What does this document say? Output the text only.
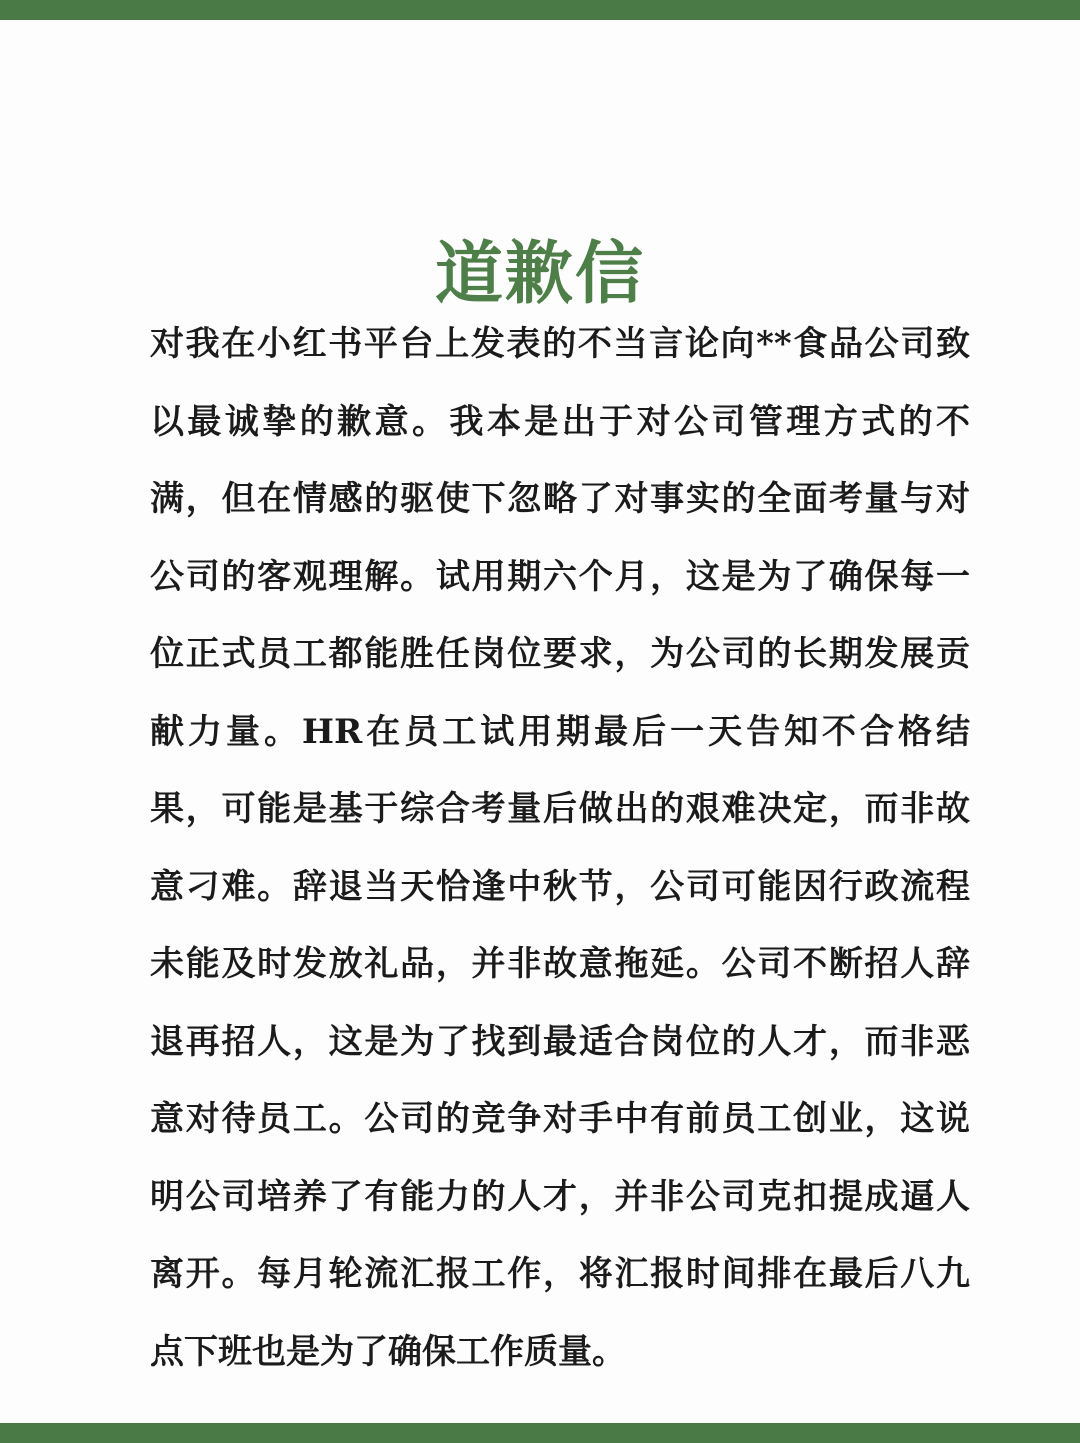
道歉信
对我在小红书平台上发表的不当言论向**食品公司致
以最诚挚的歉意。我本是出于对公司管理方式的不
满，但在情感的驱使下忽略了对事实的全面考量与对
公司的客观理解。试用期六个月，这是为了确保每一
位正式员工都能胜任岗位要求，为公司的长期发展贡
献力量。HR在员工试用期最后一天告知不合格结
果，可能是基于综合考量后做出的艰难决定，而非故
意刁难。辞退当天恰逢中秋节，公司可能因行政流程
未能及时发放礼品，并非故意拖延。公司不断招人辞
退再招人，这是为了找到最适合岗位的人才，而非恶
意对待员工。公司的竞争对手中有前员工创业，这说
明公司培养了有能力的人才，并非公司克扣提成逼人
离开。每月轮流汇报工作，将汇报时间排在最后八九
点下班也是为了确保工作质量。
